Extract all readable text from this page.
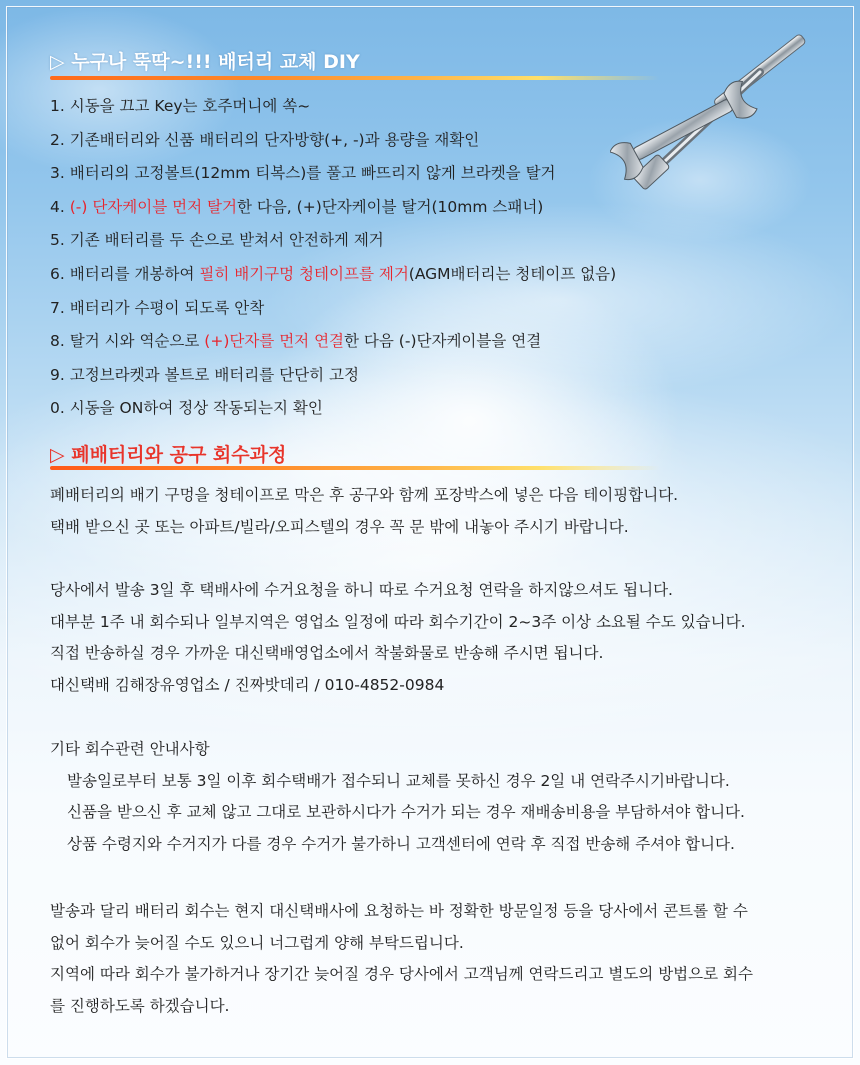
▷ 누구나 뚝딱~!!! 배터리 교체 DIY
1. 시동을 끄고 Key는 호주머니에 쏙~
2. 기존배터리와 신품 배터리의 단자방향(+, -)과 용량을 재확인
3. 배터리의 고정볼트(12mm 티복스)를 풀고 빠뜨리지 않게 브라켓을 탈거
4. (-) 단자케이블 먼저 탈거한 다음, (+)단자케이블 탈거(10mm 스패너)
5. 기존 배터리를 두 손으로 받쳐서 안전하게 제거
6. 배터리를 개봉하여 필히 배기구멍 청테이프를 제거(AGM배터리는 청테이프 없음)
7. 배터리가 수평이 되도록 안착
8. 탈거 시와 역순으로 (+)단자를 먼저 연결한 다음 (-)단자케이블을 연결
9. 고정브라켓과 볼트로 배터리를 단단히 고정
0. 시동을 ON하여 정상 작동되는지 확인
▷ 폐배터리와 공구 회수과정
폐배터리의 배기 구멍을 청테이프로 막은 후 공구와 함께 포장박스에 넣은 다음 테이핑합니다.
택배 받으신 곳 또는 아파트/빌라/오피스텔의 경우 꼭 문 밖에 내놓아 주시기 바랍니다.
당사에서 발송 3일 후 택배사에 수거요청을 하니 따로 수거요청 연락을 하지않으셔도 됩니다.
대부분 1주 내 회수되나 일부지역은 영업소 일정에 따라 회수기간이 2~3주 이상 소요될 수도 있습니다.
직접 반송하실 경우 가까운 대신택배영업소에서 착불화물로 반송해 주시면 됩니다.
대신택배 김해장유영업소 / 진짜밧데리 / 010-4852-0984
기타 회수관련 안내사항
발송일로부터 보통 3일 이후 회수택배가 접수되니 교체를 못하신 경우 2일 내 연락주시기바랍니다.
신품을 받으신 후 교체 않고 그대로 보관하시다가 수거가 되는 경우 재배송비용을 부담하셔야 합니다.
상품 수령지와 수거지가 다를 경우 수거가 불가하니 고객센터에 연락 후 직접 반송해 주셔야 합니다.
발송과 달리 배터리 회수는 현지 대신택배사에 요청하는 바 정확한 방문일정 등을 당사에서 콘트롤 할 수
없어 회수가 늦어질 수도 있으니 너그럽게 양해 부탁드립니다.
지역에 따라 회수가 불가하거나 장기간 늦어질 경우 당사에서 고객님께 연락드리고 별도의 방법으로 회수
를 진행하도록 하겠습니다.
